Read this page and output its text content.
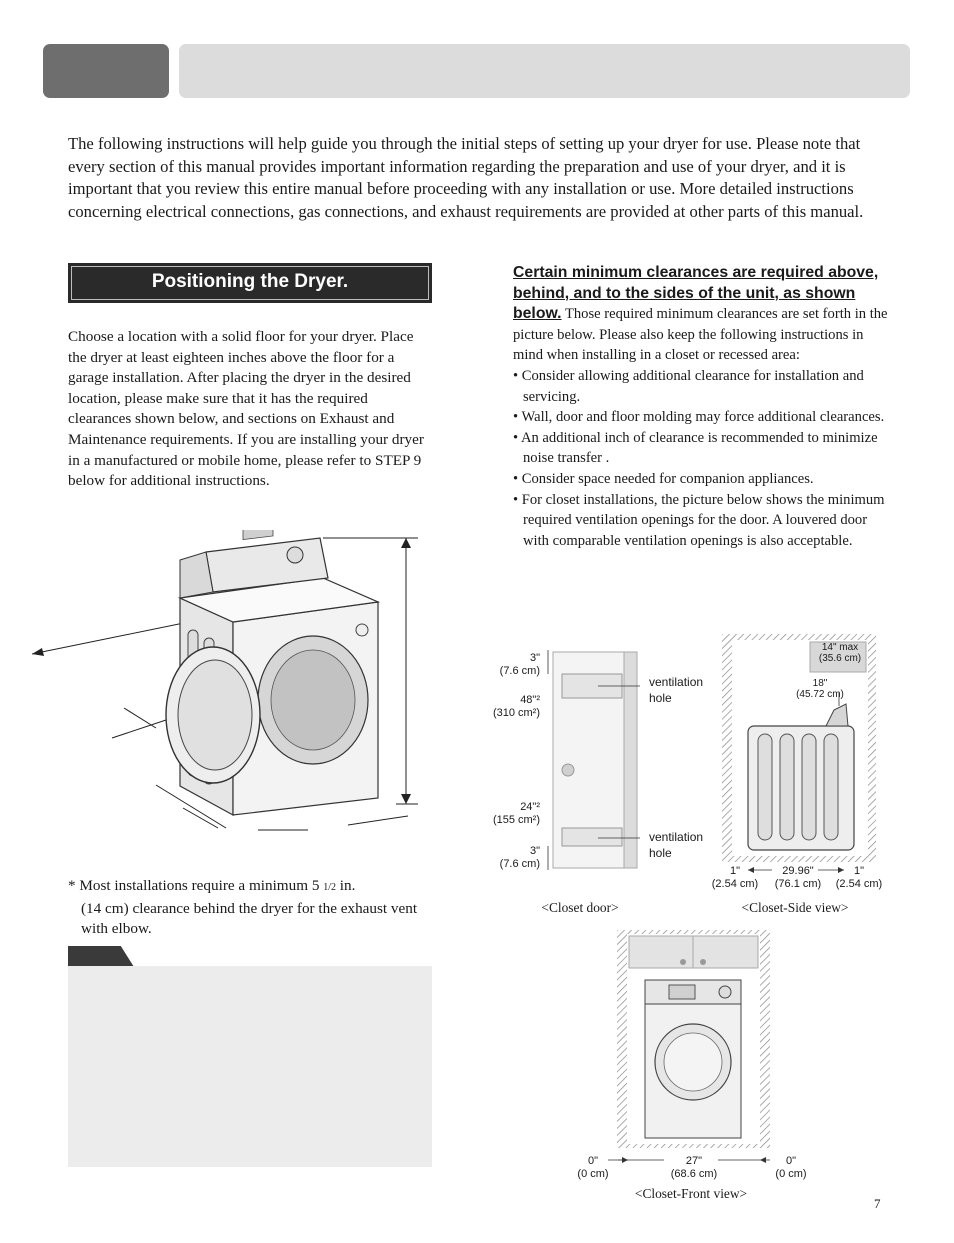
The following instructions will help guide you through the initial steps of setting up your dryer for use. Please note that every section of this manual provides important information regarding the preparation and use of your dryer, and it is important that you review this entire manual before proceeding with any installation or use. More detailed instructions concerning electrical connections, gas connections, and exhaust requirements are provided at other parts of this manual.

Positioning the Dryer.

Choose a location with a solid floor for your dryer. Place the dryer at least eighteen inches above the floor for a garage installation. After placing the dryer in the desired location, please make sure that it has the required clearances shown below, and sections on Exhaust and Maintenance requirements. If you are installing your dryer in a manufactured or mobile home, please refer to STEP 9 below for additional instructions.

Certain minimum clearances are required above, behind, and to the sides of the unit, as shown below. Those required minimum clearances are set forth in the picture below. Please also keep the following instructions in mind when installing in a closet or recessed area:
• Consider allowing additional clearance for installation and servicing.
• Wall, door and floor molding may force additional clearances.
• An additional inch of clearance is recommended to minimize noise transfer .
• Consider space needed for companion appliances.
• For closet installations, the picture below shows the minimum required ventilation openings for the door. A louvered door with comparable ventilation openings is also acceptable.

* Most installations require a minimum 5 1/2 in.
(14 cm) clearance behind the dryer for the exhaust vent with elbow.

3"
(7.6 cm)
48"²
(310 cm²)
24"²
(155 cm²)
3"
(7.6 cm)
ventilation hole
ventilation hole
<Closet door>
14" max
(35.6 cm)
18"
(45.72 cm)
1"
(2.54 cm)
29.96"
(76.1 cm)
1"
(2.54 cm)
<Closet-Side view>
0"
(0 cm)
27"
(68.6 cm)
0"
(0 cm)
<Closet-Front view>
7
